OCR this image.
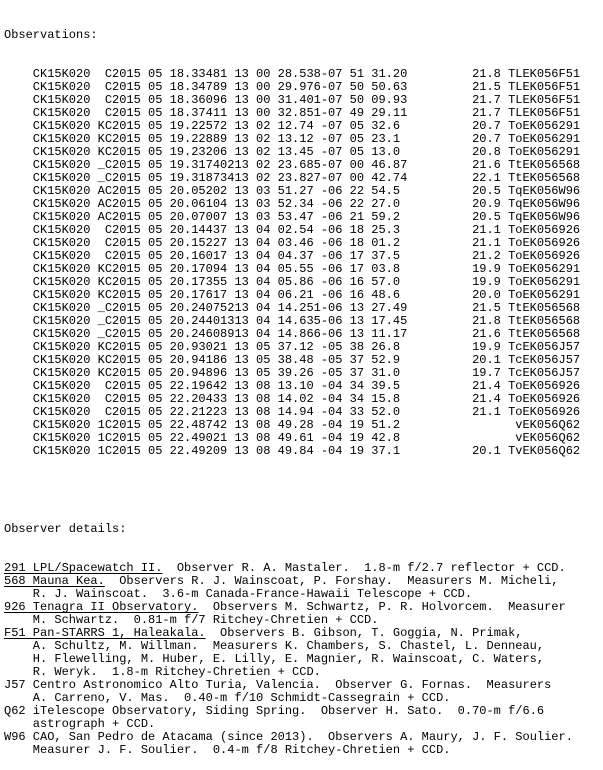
Observations:

CK15K020  C2015 05 18.33481 13 00 28.538-07 51 31.20         21.8 TLEK056F51
CK15K020  C2015 05 18.34789 13 00 29.976-07 50 50.63         21.5 TLEK056F51
CK15K020  C2015 05 18.36096 13 00 31.401-07 50 09.93         21.7 TLEK056F51
CK15K020  C2015 05 18.37411 13 00 32.851-07 49 29.11         21.7 TLEK056F51
CK15K020 KC2015 05 19.22572 13 02 12.74 -07 05 32.6          20.7 ToEK056291
CK15K020 KC2015 05 19.22889 13 02 13.12 -07 05 23.1          20.7 ToEK056291
CK15K020 KC2015 05 19.23206 13 02 13.45 -07 05 13.0          20.8 ToEK056291
CK15K020 _C2015 05 19.31740213 02 23.685-07 00 46.87         21.6 TtEK056568
CK15K020 _C2015 05 19.31873413 02 23.827-07 00 42.74         22.1 TtEK056568
CK15K020 AC2015 05 20.05202 13 03 51.27 -06 22 54.5          20.5 TqEK056W96
CK15K020 AC2015 05 20.06104 13 03 52.34 -06 22 27.0          20.9 TqEK056W96
CK15K020 AC2015 05 20.07007 13 03 53.47 -06 21 59.2          20.5 TqEK056W96
CK15K020  C2015 05 20.14437 13 04 02.54 -06 18 25.3          21.1 ToEK056926
CK15K020  C2015 05 20.15227 13 04 03.46 -06 18 01.2          21.1 ToEK056926
CK15K020  C2015 05 20.16017 13 04 04.37 -06 17 37.5          21.2 ToEK056926
CK15K020 KC2015 05 20.17094 13 04 05.55 -06 17 03.8          19.9 ToEK056291
CK15K020 KC2015 05 20.17355 13 04 05.86 -06 16 57.0          19.9 ToEK056291
CK15K020 KC2015 05 20.17617 13 04 06.21 -06 16 48.6          20.0 ToEK056291
CK15K020 _C2015 05 20.24075213 04 14.251-06 13 27.49         21.5 TtEK056568
CK15K020 _C2015 05 20.24401313 04 14.635-06 13 17.45         21.8 TtEK056568
CK15K020 _C2015 05 20.24608913 04 14.866-06 13 11.17         21.6 TtEK056568
CK15K020 KC2015 05 20.93021 13 05 37.12 -05 38 26.8          19.9 TcEK056J57
CK15K020 KC2015 05 20.94186 13 05 38.48 -05 37 52.9          20.1 TcEK056J57
CK15K020 KC2015 05 20.94896 13 05 39.26 -05 37 31.0          19.7 TcEK056J57
CK15K020  C2015 05 22.19642 13 08 13.10 -04 34 39.5          21.4 ToEK056926
CK15K020  C2015 05 22.20433 13 08 14.02 -04 34 15.8          21.4 ToEK056926
CK15K020  C2015 05 22.21223 13 08 14.94 -04 33 52.0          21.1 ToEK056926
CK15K020 1C2015 05 22.48742 13 08 49.28 -04 19 51.2                vEK056Q62
CK15K020 1C2015 05 22.49021 13 08 49.61 -04 19 42.8                vEK056Q62
CK15K020 1C2015 05 22.49209 13 08 49.84 -04 19 37.1          20.1 TvEK056Q62

Observer details:

291 LPL/Spacewatch II.  Observer R. A. Mastaler.  1.8-m f/2.7 reflector + CCD.
568 Mauna Kea.  Observers R. J. Wainscoat, P. Forshay.  Measurers M. Micheli,
R. J. Wainscoat.  3.6-m Canada-France-Hawaii Telescope + CCD.
926 Tenagra II Observatory.  Observers M. Schwartz, P. R. Holvorcem.  Measurer
M. Schwartz.  0.81-m f/7 Ritchey-Chretien + CCD.
F51 Pan-STARRS 1, Haleakala.  Observers B. Gibson, T. Goggia, N. Primak,
A. Schultz, M. Willman.  Measurers K. Chambers, S. Chastel, L. Denneau,
H. Flewelling, M. Huber, E. Lilly, E. Magnier, R. Wainscoat, C. Waters,
R. Weryk.  1.8-m Ritchey-Chretien + CCD.
J57 Centro Astronomico Alto Turia, Valencia.  Observer G. Fornas.  Measurers
A. Carreno, V. Mas.  0.40-m f/10 Schmidt-Cassegrain + CCD.
Q62 iTelescope Observatory, Siding Spring.  Observer H. Sato.  0.70-m f/6.6
astrograph + CCD.
W96 CAO, San Pedro de Atacama (since 2013).  Observers A. Maury, J. F. Soulier.
Measurer J. F. Soulier.  0.4-m f/8 Ritchey-Chretien + CCD.
